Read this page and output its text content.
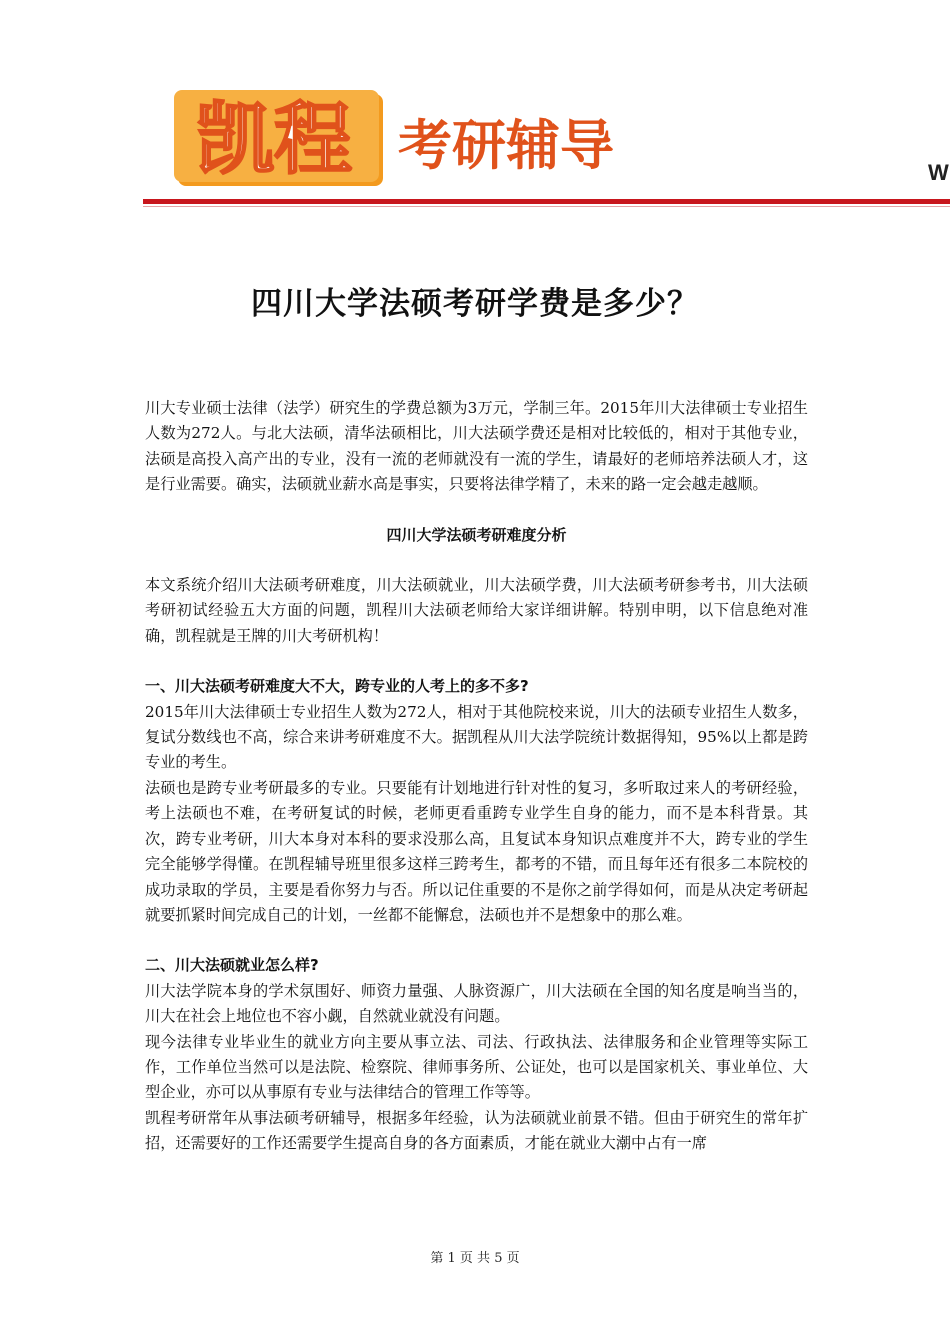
凯程 考研辅导	W
四川大学法硕考研学费是多少？

川大专业硕士法律（法学）研究生的学费总额为3万元，学制三年。2015年川大法律硕士专业招生人数为272人。与北大法硕，清华法硕相比，川大法硕学费还是相对比较低的，相对于其他专业，法硕是高投入高产出的专业，没有一流的老师就没有一流的学生，请最好的老师培养法硕人才，这是行业需要。确实，法硕就业薪水高是事实，只要将法律学精了，未来的路一定会越走越顺。

四川大学法硕考研难度分析

本文系统介绍川大法硕考研难度，川大法硕就业，川大法硕学费，川大法硕考研参考书，川大法硕考研初试经验五大方面的问题，凯程川大法硕老师给大家详细讲解。特别申明，以下信息绝对准确，凯程就是王牌的川大考研机构！

一、川大法硕考研难度大不大，跨专业的人考上的多不多?

2015年川大法律硕士专业招生人数为272人，相对于其他院校来说，川大的法硕专业招生人数多，复试分数线也不高，综合来讲考研难度不大。据凯程从川大法学院统计数据得知，95%以上都是跨专业的考生。

法硕也是跨专业考研最多的专业。只要能有计划地进行针对性的复习，多听取过来人的考研经验，考上法硕也不难，在考研复试的时候，老师更看重跨专业学生自身的能力，而不是本科背景。其次，跨专业考研，川大本身对本科的要求没那么高，且复试本身知识点难度并不大，跨专业的学生完全能够学得懂。在凯程辅导班里很多这样三跨考生，都考的不错，而且每年还有很多二本院校的成功录取的学员，主要是看你努力与否。所以记住重要的不是你之前学得如何，而是从决定考研起就要抓紧时间完成自己的计划，一丝都不能懈怠，法硕也并不是想象中的那么难。

二、川大法硕就业怎么样?

川大法学院本身的学术氛围好、师资力量强、人脉资源广，川大法硕在全国的知名度是响当当的，川大在社会上地位也不容小觑，自然就业就没有问题。

现今法律专业毕业生的就业方向主要从事立法、司法、行政执法、法律服务和企业管理等实际工作，工作单位当然可以是法院、检察院、律师事务所、公证处，也可以是国家机关、事业单位、大型企业，亦可以从事原有专业与法律结合的管理工作等等。

凯程考研常年从事法硕考研辅导，根据多年经验，认为法硕就业前景不错。但由于研究生的常年扩招，还需要好的工作还需要学生提高自身的各方面素质，才能在就业大潮中占有一席

第 1 页 共 5 页
